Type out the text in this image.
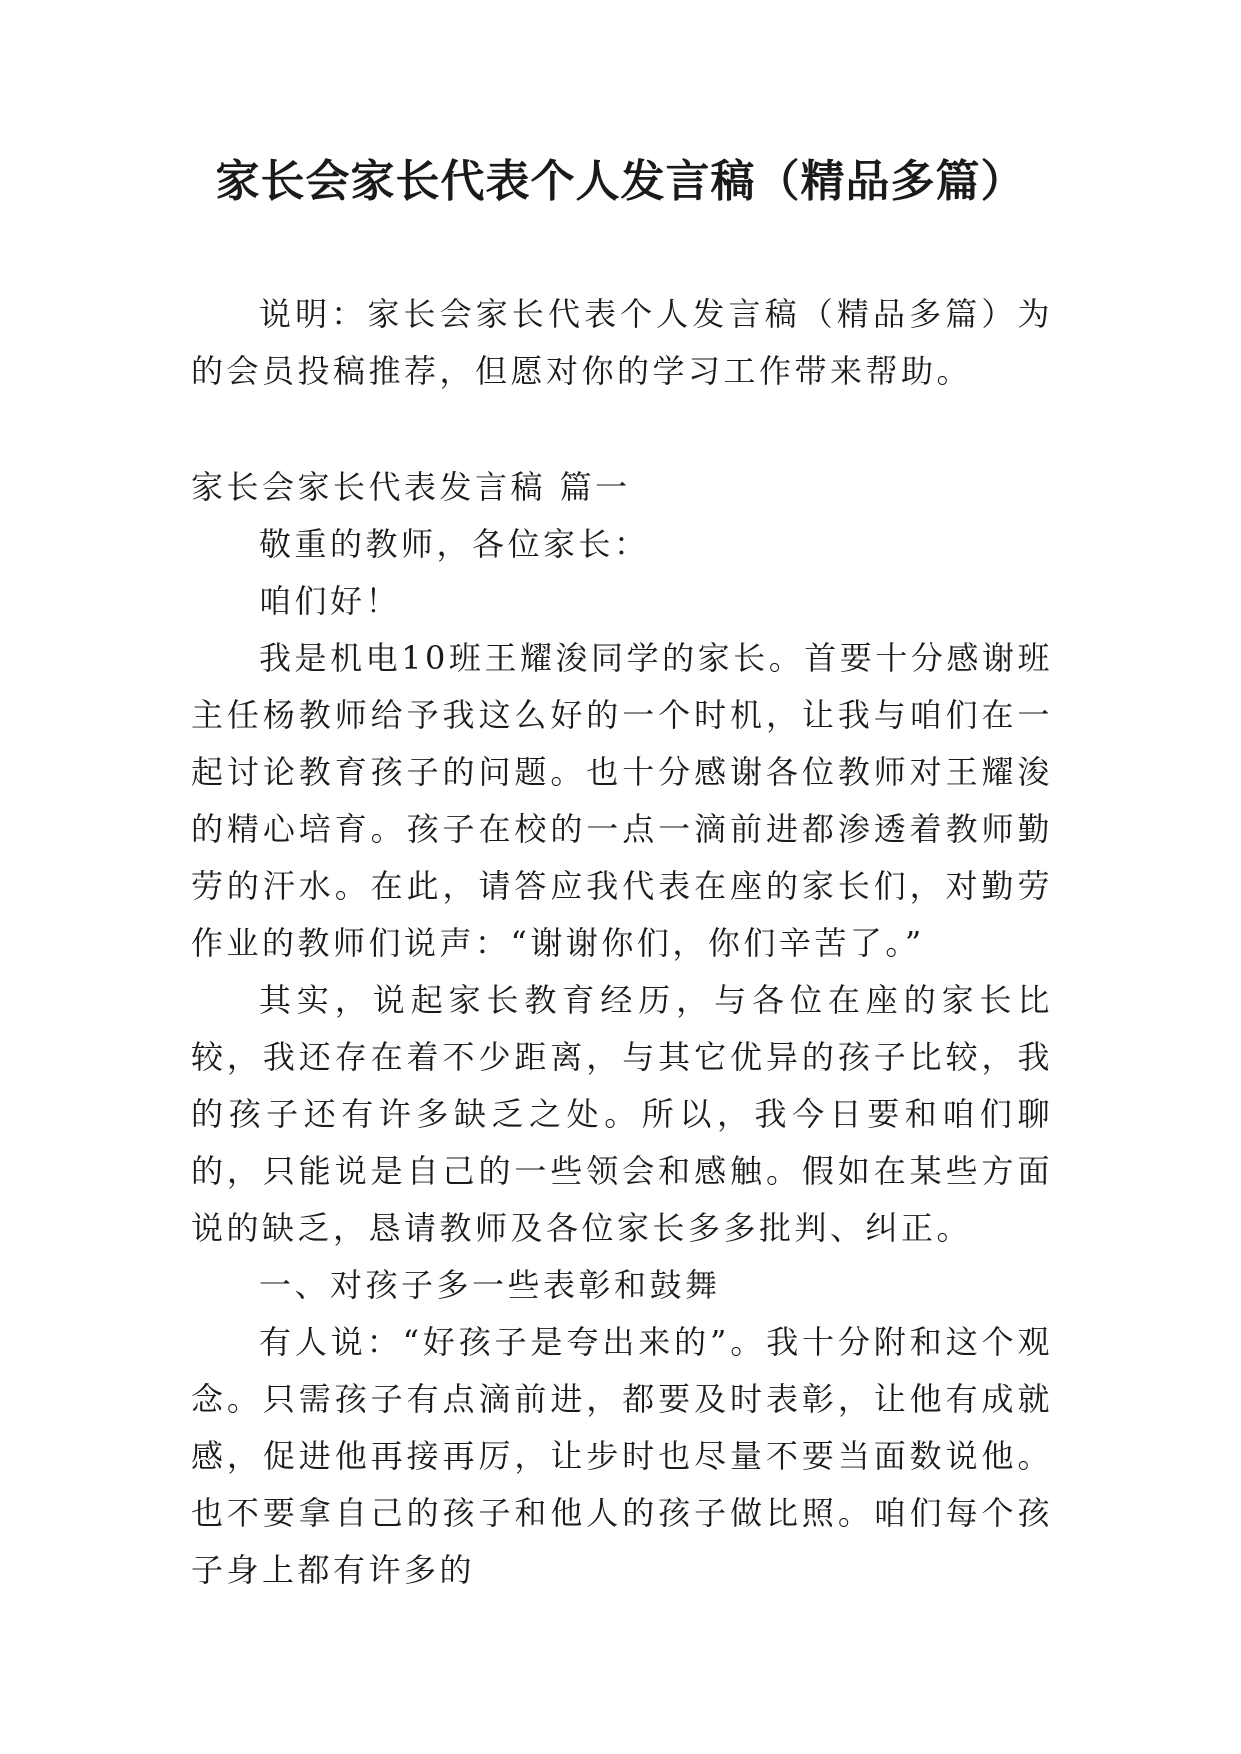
家长会家长代表个人发言稿（精品多篇）

说明：家长会家长代表个人发言稿（精品多篇）为的会员投稿推荐，但愿对你的学习工作带来帮助。

家长会家长代表发言稿 篇一

敬重的教师，各位家长：

咱们好！

我是机电10班王耀浚同学的家长。首要十分感谢班主任杨教师给予我这么好的一个时机，让我与咱们在一起讨论教育孩子的问题。也十分感谢各位教师对王耀浚的精心培育。孩子在校的一点一滴前进都渗透着教师勤劳的汗水。在此，请答应我代表在座的家长们，对勤劳作业的教师们说声：“谢谢你们，你们辛苦了。”

其实，说起家长教育经历，与各位在座的家长比较，我还存在着不少距离，与其它优异的孩子比较，我的孩子还有许多缺乏之处。所以，我今日要和咱们聊的，只能说是自己的一些领会和感触。假如在某些方面说的缺乏，恳请教师及各位家长多多批判、纠正。

一、对孩子多一些表彰和鼓舞

有人说：“好孩子是夸出来的”。我十分附和这个观念。只需孩子有点滴前进，都要及时表彰，让他有成就感，促进他再接再厉，让步时也尽量不要当面数说他。也不要拿自己的孩子和他人的孩子做比照。咱们每个孩子身上都有许多的
